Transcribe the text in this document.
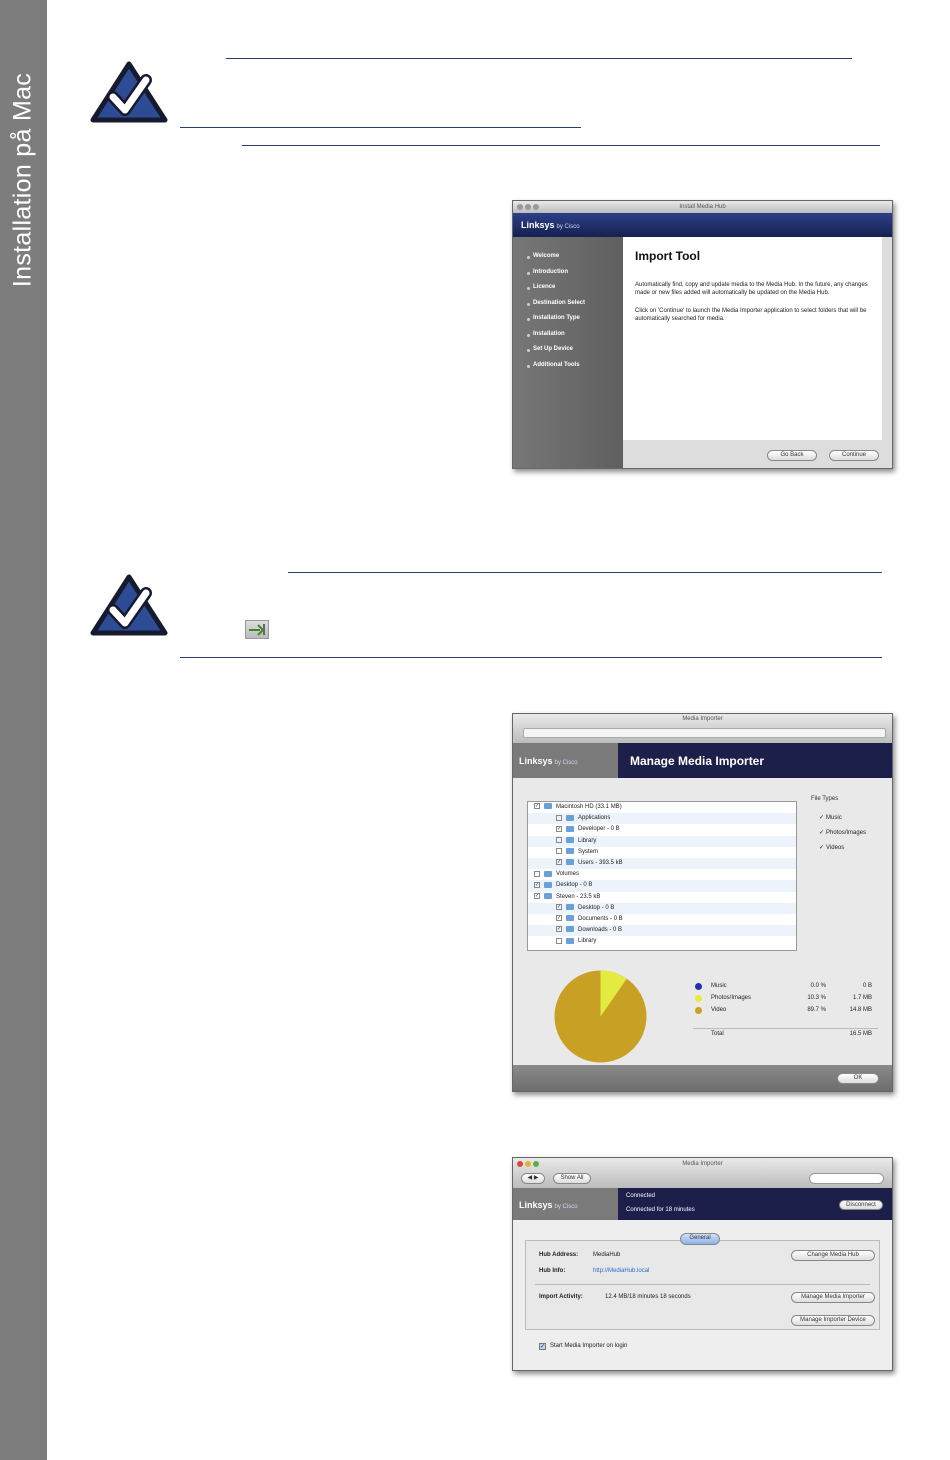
Installation på Mac	Install Media Hub
Linksys by Cisco
Welcome
Introduction
Licence
Destination Select
Installation Type
Installation
Set Up Device
Additional Tools
Import Tool
Automatically find, copy and update media to the Media Hub. In the future, any changes made or new files added will automatically be updated on the Media Hub.
Click on 'Continue' to launch the Media Importer application to select folders that will be automatically searched for media.
Go Back	Continue
Media Importer
Linksys by Cisco	Manage Media Importer
✓	Macintosh HD (33.1 MB)
Applications
✓	Developer - 0 B
Library
System
✓	Users - 393.5 kB
Volumes
✓	Desktop - 0 B
✓	Steven - 23.5 kB
✓	Desktop - 0 B
✓	Documents - 0 B
✓	Downloads - 0 B
Library
File Types
✓ Music
✓ Photos/Images
✓ Videos
Music	0.0 %	0 B
Photos/Images	10.3 %	1.7 MB
Video	89.7 %	14.8 MB
Total	16.5 MB
OK
Media Importer
◀ ▶	Show All
Linksys by Cisco
Connected
Connected for 18 minutes
Disconnect
General
Hub Address: MediaHub
Hub Info:	http://MediaHub.local
Change Media Hub
Import Activity:	12.4 MB/18 minutes 18 seconds	Manage Media Importer
Manage Importer Device
✓ Start Media Importer on login
